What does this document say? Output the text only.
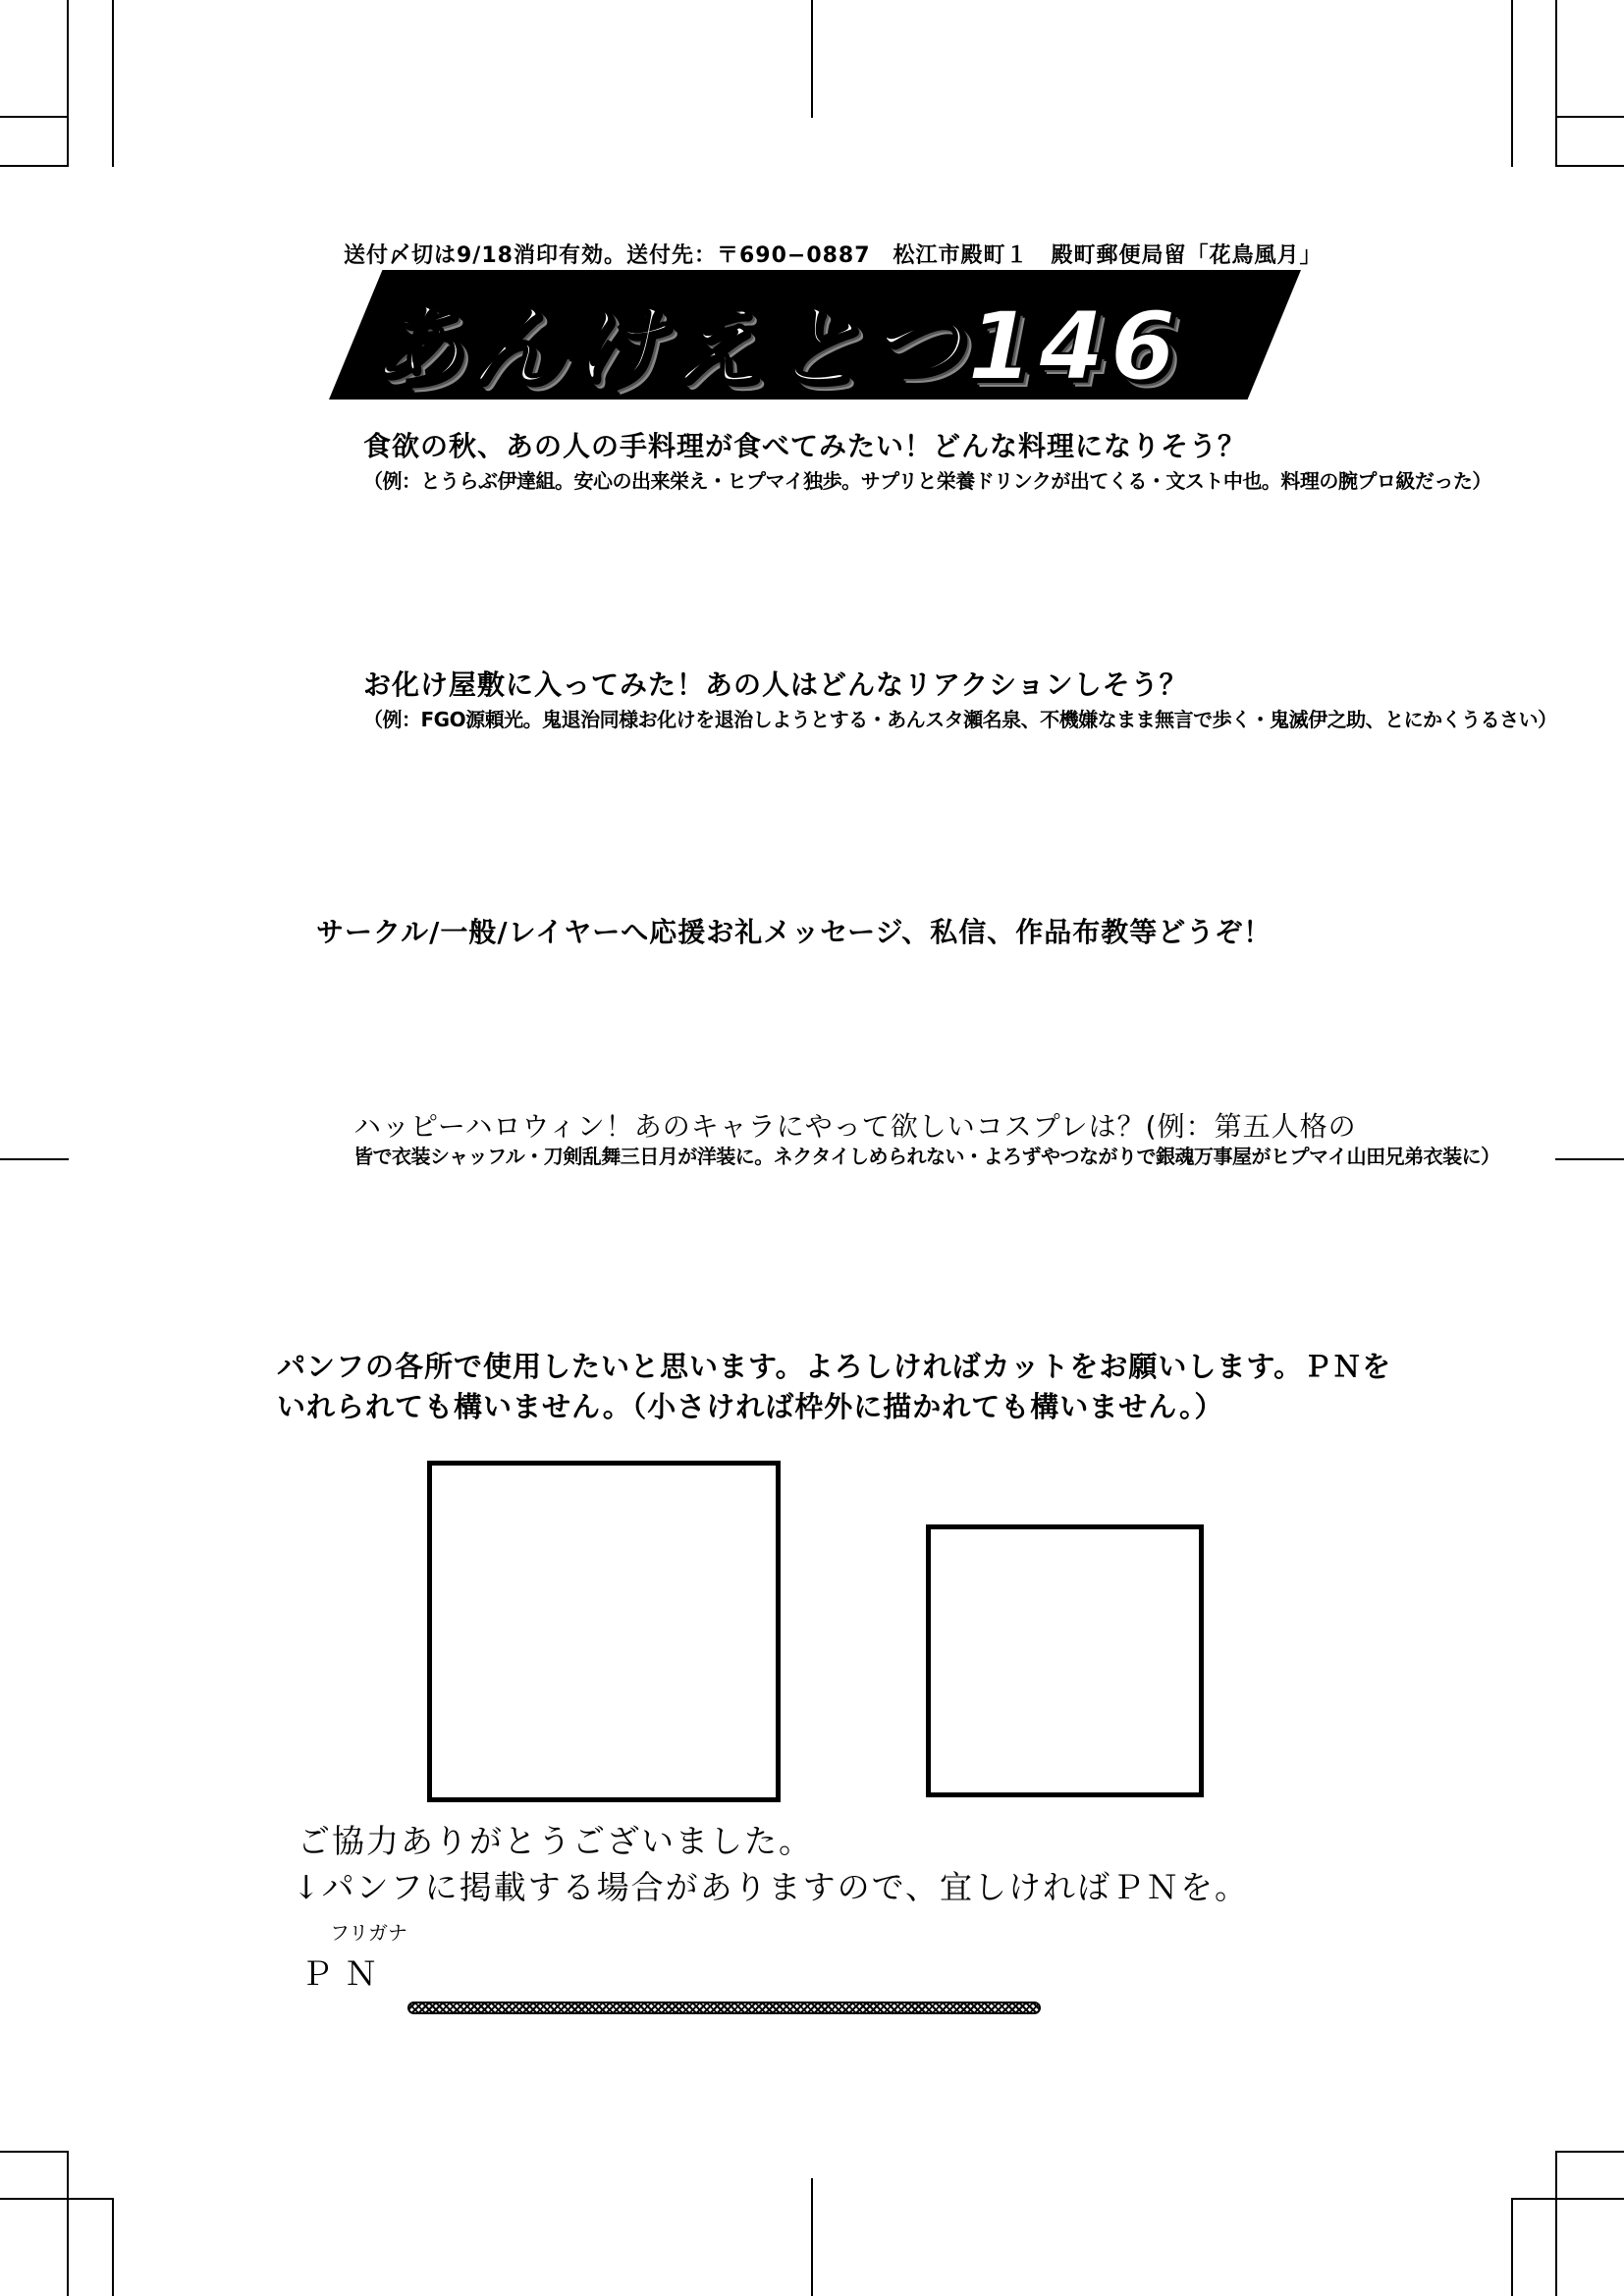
送付〆切は9/18消印有効。送付先：〒690−0887　松江市殿町１　殿町郵便局留「花鳥風月」
あんけえとつ146
食欲の秋、あの人の手料理が食べてみたい！どんな料理になりそう？
（例：とうらぶ伊達組。安心の出来栄え・ヒプマイ独歩。サプリと栄養ドリンクが出てくる・文スト中也。料理の腕プロ級だった）
お化け屋敷に入ってみた！あの人はどんなリアクションしそう？
（例：FGO源頼光。鬼退治同様お化けを退治しようとする・あんスタ瀬名泉、不機嫌なまま無言で歩く・鬼滅伊之助、とにかくうるさい）
サークル/一般/レイヤーへ応援お礼メッセージ、私信、作品布教等どうぞ！
ハッピーハロウィン！あのキャラにやって欲しいコスプレは？(例：第五人格の
皆で衣装シャッフル・刀剣乱舞三日月が洋装に。ネクタイしめられない・よろずやつながりで銀魂万事屋がヒプマイ山田兄弟衣装に）
パンフの各所で使用したいと思います。よろしければカットをお願いします。ＰＮを
いれられても構いません。（小さければ枠外に描かれても構いません。）
ご協力ありがとうございました。
↓パンフに掲載する場合がありますので、宜しければＰＮを。
フリガナ
ＰＮ
